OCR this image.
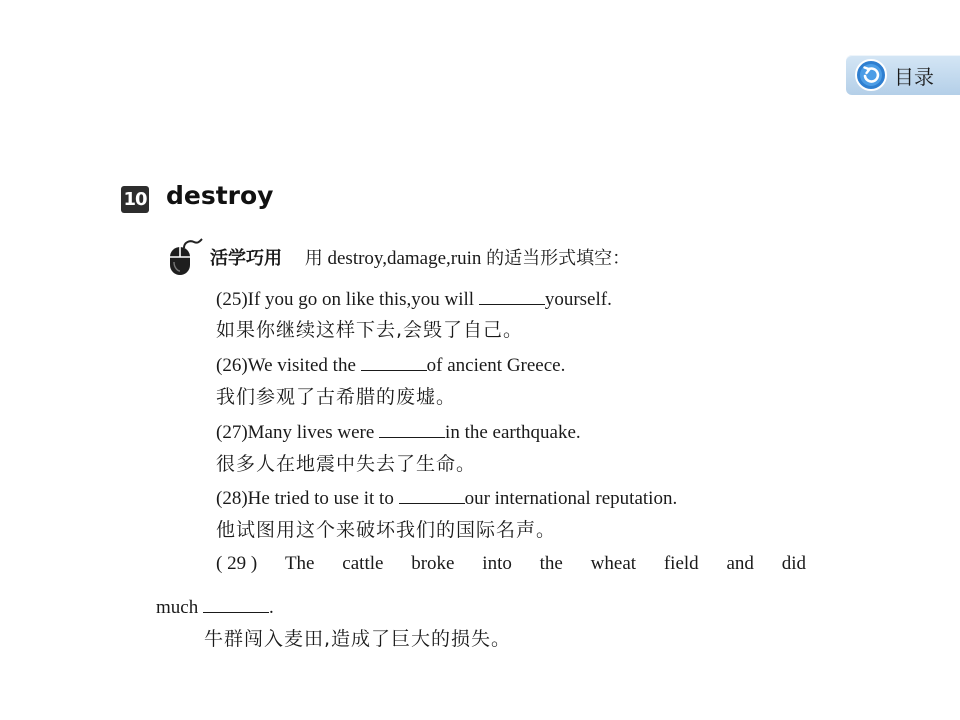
目录
10 destroy
活学巧用 用 destroy,damage,ruin 的适当形式填空：
(25)If you go on like this,you will	yourself.
如果你继续这样下去,会毁了自己。
(26)We visited the	of ancient Greece.
我们参观了古希腊的废墟。
(27)Many lives were	in the earthquake.
很多人在地震中失去了生命。
(28)He tried to use it to	our international reputation.
他试图用这个来破坏我们的国际名声。
( 29 ) The cattle broke into the wheat field and did
much	.
牛群闯入麦田,造成了巨大的损失。
